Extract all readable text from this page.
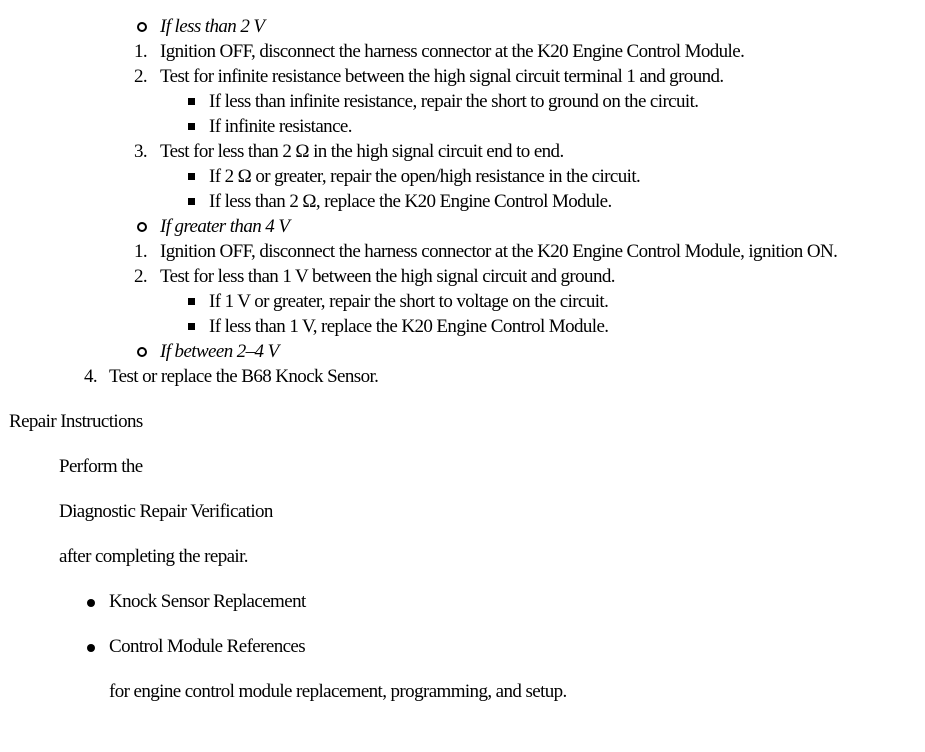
If less than 2 V
1. Ignition OFF, disconnect the harness connector at the K20 Engine Control Module.
2. Test for infinite resistance between the high signal circuit terminal 1 and ground.
If less than infinite resistance, repair the short to ground on the circuit.
If infinite resistance.
3. Test for less than 2 Ω in the high signal circuit end to end.
If 2 Ω or greater, repair the open/high resistance in the circuit.
If less than 2 Ω, replace the K20 Engine Control Module.
If greater than 4 V
1. Ignition OFF, disconnect the harness connector at the K20 Engine Control Module, ignition ON.
2. Test for less than 1 V between the high signal circuit and ground.
If 1 V or greater, repair the short to voltage on the circuit.
If less than 1 V, replace the K20 Engine Control Module.
If between 2–4 V
4. Test or replace the B68 Knock Sensor.
Repair Instructions
Perform the
Diagnostic Repair Verification
after completing the repair.
Knock Sensor Replacement
Control Module References
for engine control module replacement, programming, and setup.
